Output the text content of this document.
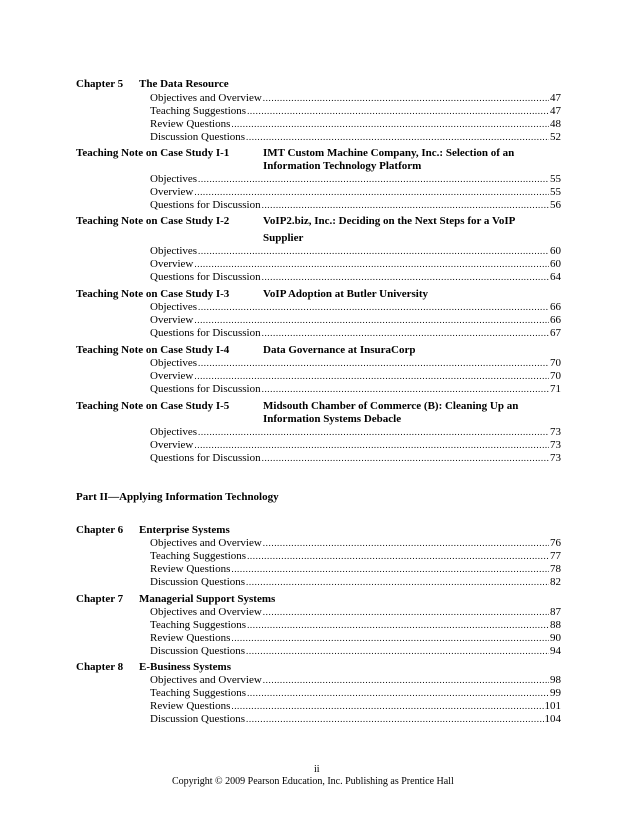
Chapter 5 The Data Resource
Objectives and Overview .....	47
Teaching Suggestions .....	47
Review Questions .....	48
Discussion Questions .....	52
Teaching Note on Case Study I-1	IMT Custom Machine Company, Inc.: Selection of an
Information Technology Platform
Objectives .....	55
Overview .....	55
Questions for Discussion .....	56
Teaching Note on Case Study I-2	VoIP2.biz, Inc.: Deciding on the Next Steps for a VoIP
Supplier
Objectives .....	60
Overview .....	60
Questions for Discussion .....	64
Teaching Note on Case Study I-3	VoIP Adoption at Butler University
Objectives .....	66
Overview .....	66
Questions for Discussion .....	67
Teaching Note on Case Study I-4	Data Governance at InsuraCorp
Objectives .....	70
Overview .....	70
Questions for Discussion .....	71
Teaching Note on Case Study I-5	Midsouth Chamber of Commerce (B): Cleaning Up an
Information Systems Debacle
Objectives .....	73
Overview .....	73
Questions for Discussion .....	73
Part II—Applying Information Technology
Chapter 6 Enterprise Systems
Objectives and Overview .....	76
Teaching Suggestions .....	77
Review Questions .....	78
Discussion Questions .....	82
Chapter 7 Managerial Support Systems
Objectives and Overview .....	87
Teaching Suggestions .....	88
Review Questions .....	90
Discussion Questions .....	94
Chapter 8 E-Business Systems
Objectives and Overview .....	98
Teaching Suggestions .....	99
Review Questions .....	101
Discussion Questions .....	104
ii
Copyright © 2009 Pearson Education, Inc. Publishing as Prentice Hall
